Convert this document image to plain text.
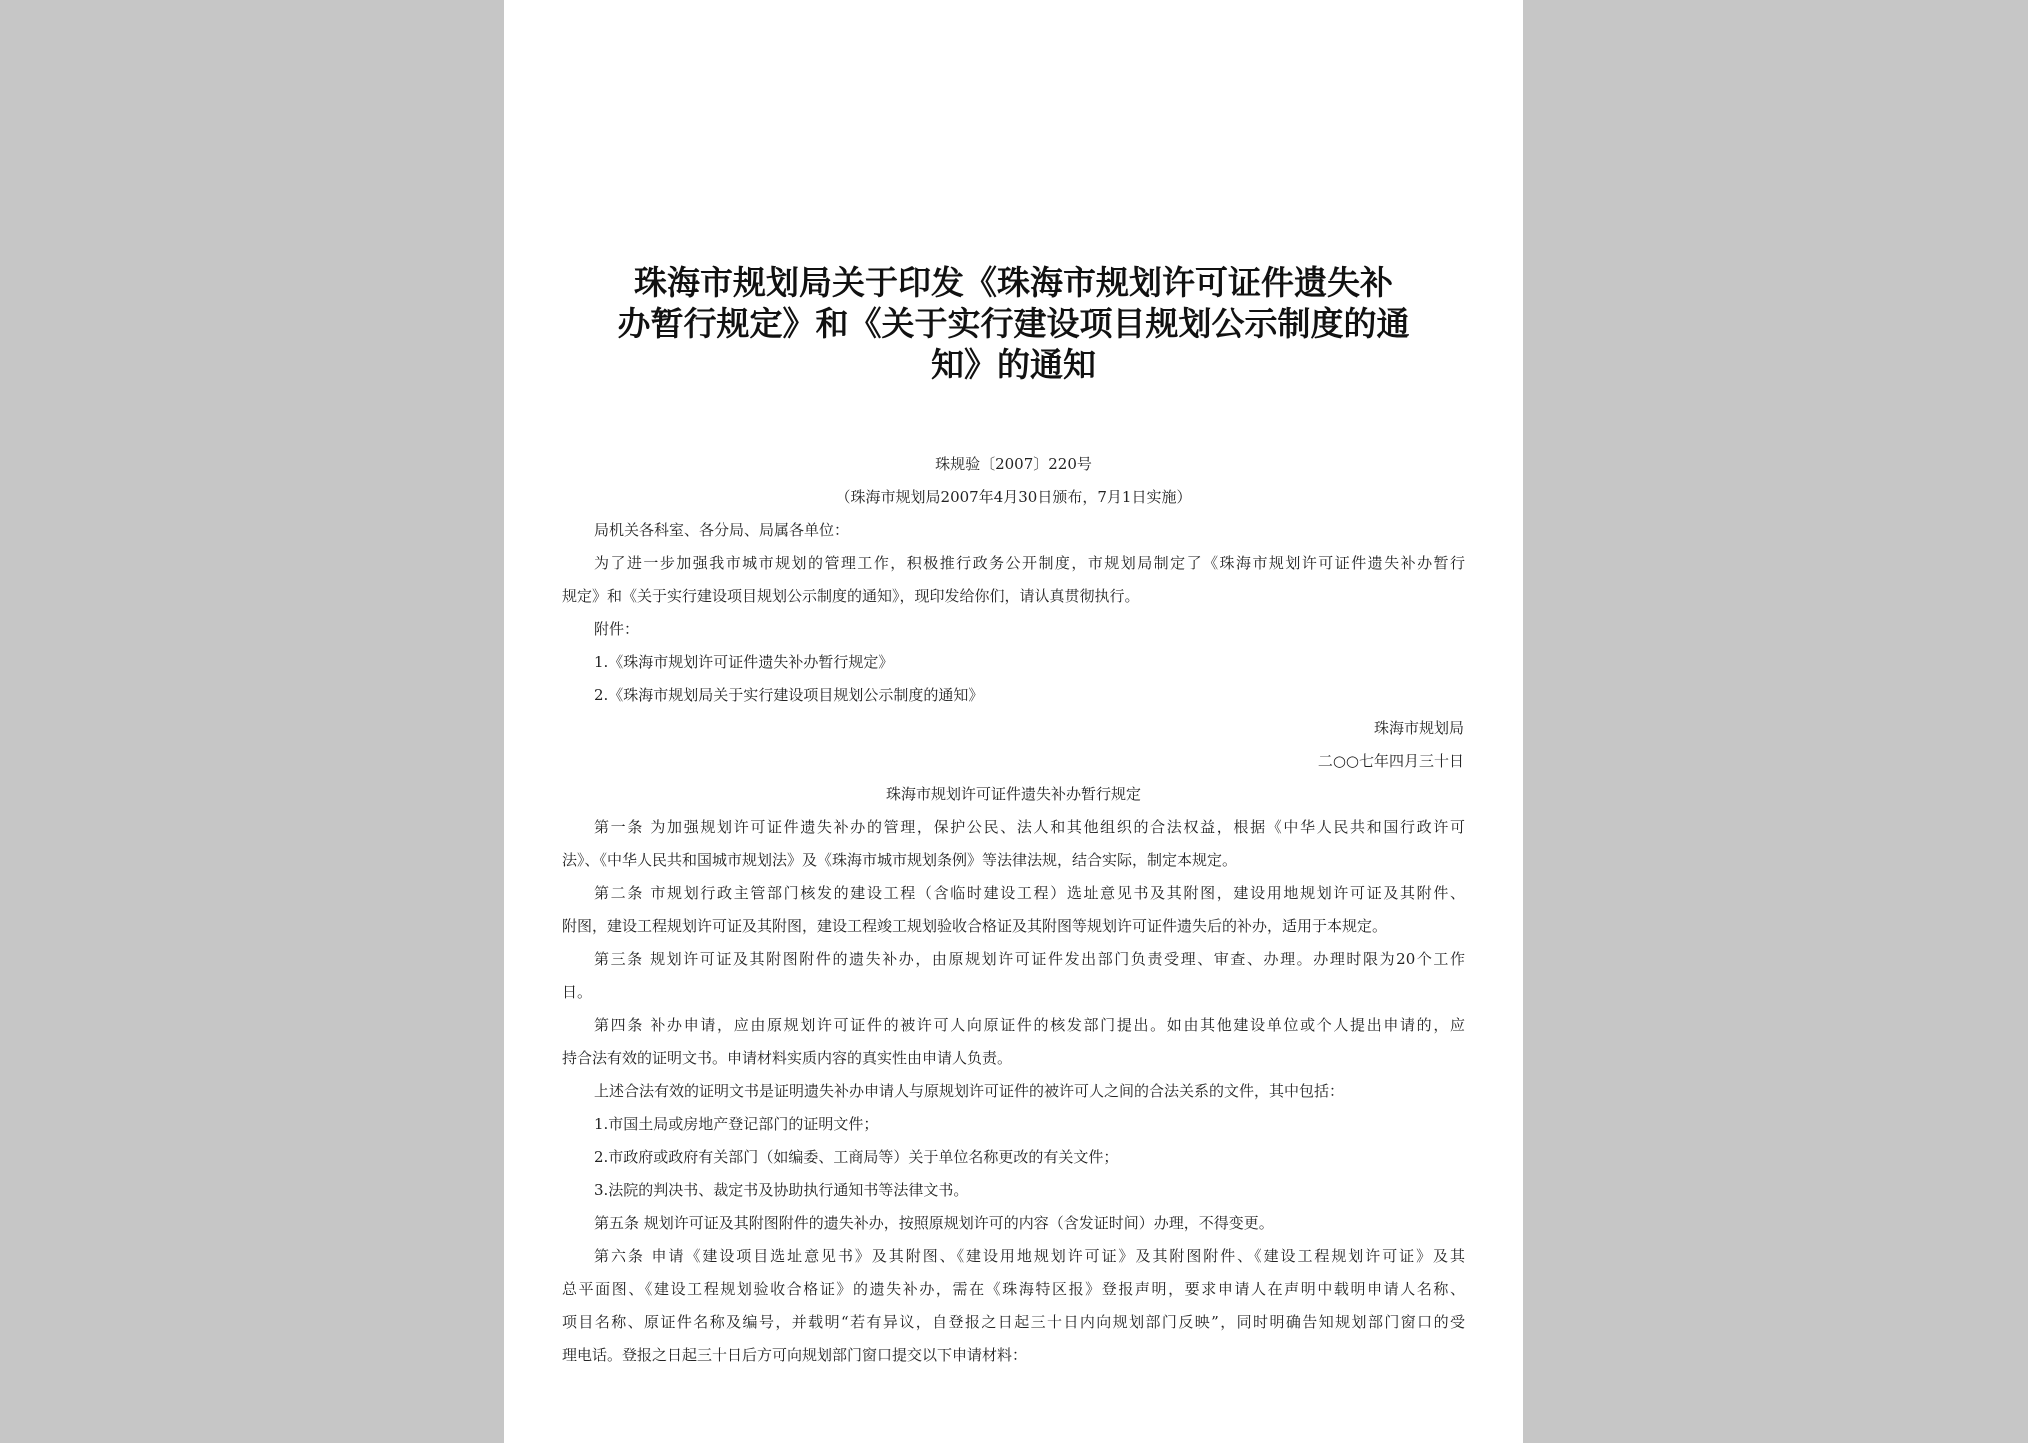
珠海市规划局关于印发《珠海市规划许可证件遗失补
办暂行规定》和《关于实行建设项目规划公示制度的通
知》的通知
珠规验〔2007〕220号
（珠海市规划局2007年4月30日颁布，7月1日实施）
局机关各科室、各分局、局属各单位：
为了进一步加强我市城市规划的管理工作，积极推行政务公开制度，市规划局制定了《珠海市规划许可证件遗失补办暂行
规定》和《关于实行建设项目规划公示制度的通知》，现印发给你们，请认真贯彻执行。
附件：
1.《珠海市规划许可证件遗失补办暂行规定》
2.《珠海市规划局关于实行建设项目规划公示制度的通知》
珠海市规划局
二○○七年四月三十日
珠海市规划许可证件遗失补办暂行规定
第一条 为加强规划许可证件遗失补办的管理，保护公民、法人和其他组织的合法权益，根据《中华人民共和国行政许可
法》、《中华人民共和国城市规划法》及《珠海市城市规划条例》等法律法规，结合实际，制定本规定。
第二条 市规划行政主管部门核发的建设工程（含临时建设工程）选址意见书及其附图，建设用地规划许可证及其附件、
附图，建设工程规划许可证及其附图，建设工程竣工规划验收合格证及其附图等规划许可证件遗失后的补办，适用于本规定。
第三条 规划许可证及其附图附件的遗失补办，由原规划许可证件发出部门负责受理、审查、办理。办理时限为20个工作
日。
第四条 补办申请，应由原规划许可证件的被许可人向原证件的核发部门提出。如由其他建设单位或个人提出申请的，应
持合法有效的证明文书。申请材料实质内容的真实性由申请人负责。
上述合法有效的证明文书是证明遗失补办申请人与原规划许可证件的被许可人之间的合法关系的文件，其中包括：
1.市国土局或房地产登记部门的证明文件；
2.市政府或政府有关部门（如编委、工商局等）关于单位名称更改的有关文件；
3.法院的判决书、裁定书及协助执行通知书等法律文书。
第五条 规划许可证及其附图附件的遗失补办，按照原规划许可的内容（含发证时间）办理，不得变更。
第六条 申请《建设项目选址意见书》及其附图、《建设用地规划许可证》及其附图附件、《建设工程规划许可证》及其
总平面图、《建设工程规划验收合格证》的遗失补办，需在《珠海特区报》登报声明，要求申请人在声明中载明申请人名称、
项目名称、原证件名称及编号，并载明“若有异议，自登报之日起三十日内向规划部门反映”，同时明确告知规划部门窗口的受
理电话。登报之日起三十日后方可向规划部门窗口提交以下申请材料：
